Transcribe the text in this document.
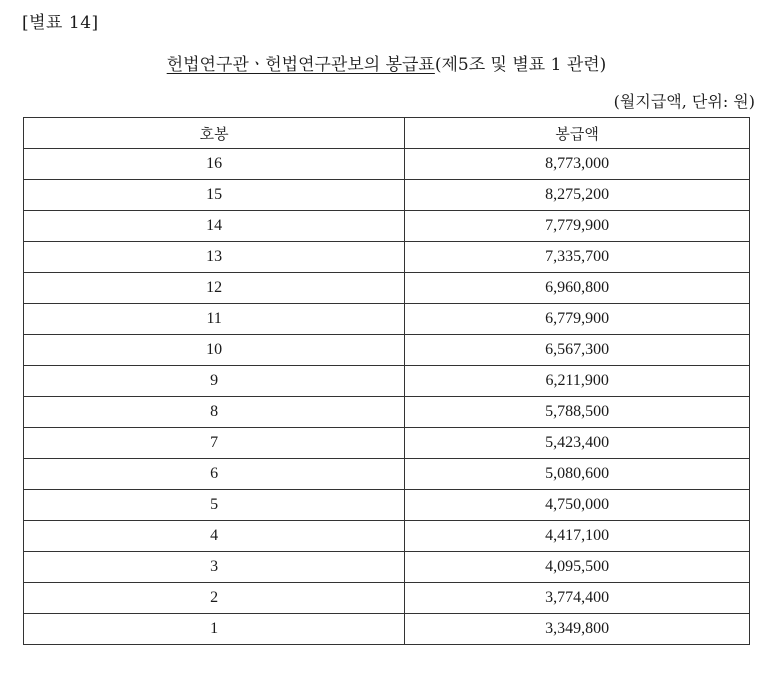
[별표 14]
헌법연구관ㆍ헌법연구관보의 봉급표(제5조 및 별표 1 관련)
(월지급액, 단위: 원)
호봉	봉급액
16	8,773,000
15	8,275,200
14	7,779,900
13	7,335,700
12	6,960,800
11	6,779,900
10	6,567,300
9	6,211,900
8	5,788,500
7	5,423,400
6	5,080,600
5	4,750,000
4	4,417,100
3	4,095,500
2	3,774,400
1	3,349,800
